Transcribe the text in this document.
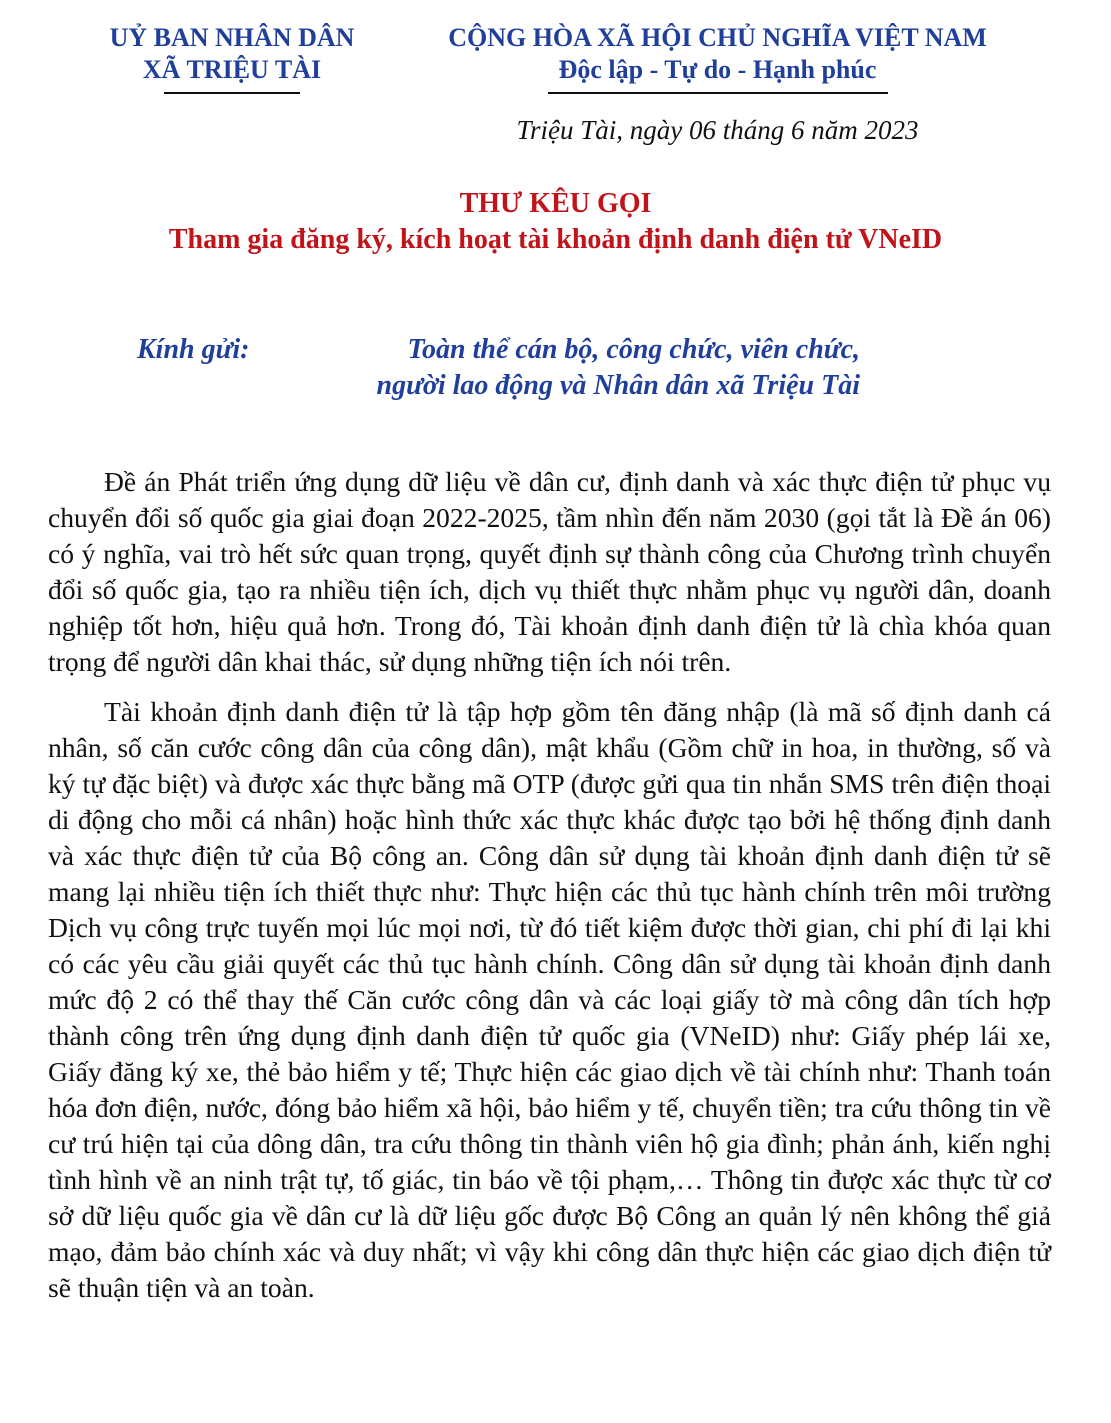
UỶ BAN NHÂN DÂN
XÃ TRIỆU TÀI
CỘNG HÒA XÃ HỘI CHỦ NGHĨA VIỆT NAM
Độc lập - Tự do - Hạnh phúc
Triệu Tài, ngày 06 tháng 6 năm 2023
THƯ KÊU GỌI
Tham gia đăng ký, kích hoạt tài khoản định danh điện tử VNeID
Kính gửi:	Toàn thể cán bộ, công chức, viên chức,
người lao động và Nhân dân xã Triệu Tài

Đề án Phát triển ứng dụng dữ liệu về dân cư, định danh và xác thực điện tử phục vụ chuyển đổi số quốc gia giai đoạn 2022-2025, tầm nhìn đến năm 2030 (gọi tắt là Đề án 06) có ý nghĩa, vai trò hết sức quan trọng, quyết định sự thành công của Chương trình chuyển đổi số quốc gia, tạo ra nhiều tiện ích, dịch vụ thiết thực nhằm phục vụ người dân, doanh nghiệp tốt hơn, hiệu quả hơn. Trong đó, Tài khoản định danh điện tử là chìa khóa quan trọng để người dân khai thác, sử dụng những tiện ích nói trên.

Tài khoản định danh điện tử là tập hợp gồm tên đăng nhập (là mã số định danh cá nhân, số căn cước công dân của công dân), mật khẩu (Gồm chữ in hoa, in thường, số và ký tự đặc biệt) và được xác thực bằng mã OTP (được gửi qua tin nhắn SMS trên điện thoại di động cho mỗi cá nhân) hoặc hình thức xác thực khác được tạo bởi hệ thống định danh và xác thực điện tử của Bộ công an. Công dân sử dụng tài khoản định danh điện tử sẽ mang lại nhiều tiện ích thiết thực như: Thực hiện các thủ tục hành chính trên môi trường Dịch vụ công trực tuyến mọi lúc mọi nơi, từ đó tiết kiệm được thời gian, chi phí đi lại khi có các yêu cầu giải quyết các thủ tục hành chính. Công dân sử dụng tài khoản định danh mức độ 2 có thể thay thế Căn cước công dân và các loại giấy tờ mà công dân tích hợp thành công trên ứng dụng định danh điện tử quốc gia (VNeID) như: Giấy phép lái xe, Giấy đăng ký xe, thẻ bảo hiểm y tế; Thực hiện các giao dịch về tài chính như: Thanh toán hóa đơn điện, nước, đóng bảo hiểm xã hội, bảo hiểm y tế, chuyển tiền; tra cứu thông tin về cư trú hiện tại của dông dân, tra cứu thông tin thành viên hộ gia đình; phản ánh, kiến nghị tình hình về an ninh trật tự, tố giác, tin báo về tội phạm,… Thông tin được xác thực từ cơ sở dữ liệu quốc gia về dân cư là dữ liệu gốc được Bộ Công an quản lý nên không thể giả mạo, đảm bảo chính xác và duy nhất; vì vậy khi công dân thực hiện các giao dịch điện tử sẽ thuận tiện và an toàn.
